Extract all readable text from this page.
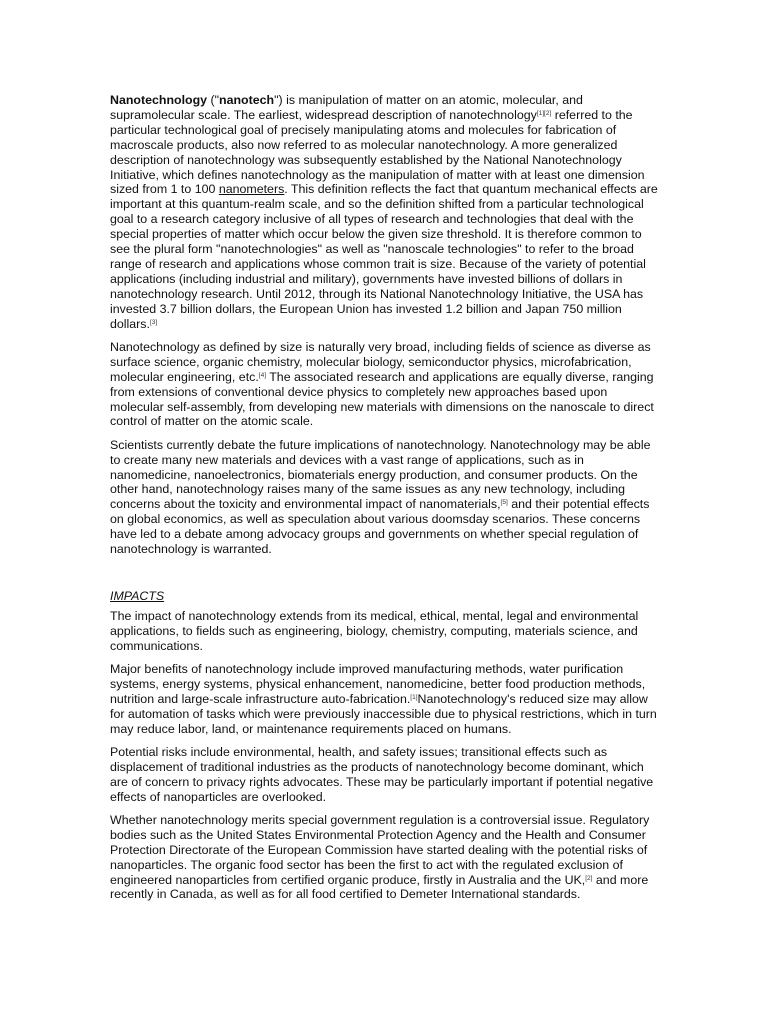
Nanotechnology ("nanotech") is manipulation of matter on an atomic, molecular, and supramolecular scale. The earliest, widespread description of nanotechnology[1][2] referred to the particular technological goal of precisely manipulating atoms and molecules for fabrication of macroscale products, also now referred to as molecular nanotechnology. A more generalized description of nanotechnology was subsequently established by the National Nanotechnology Initiative, which defines nanotechnology as the manipulation of matter with at least one dimension sized from 1 to 100 nanometers. This definition reflects the fact that quantum mechanical effects are important at this quantum-realm scale, and so the definition shifted from a particular technological goal to a research category inclusive of all types of research and technologies that deal with the special properties of matter which occur below the given size threshold. It is therefore common to see the plural form "nanotechnologies" as well as "nanoscale technologies" to refer to the broad range of research and applications whose common trait is size. Because of the variety of potential applications (including industrial and military), governments have invested billions of dollars in nanotechnology research. Until 2012, through its National Nanotechnology Initiative, the USA has invested 3.7 billion dollars, the European Union has invested 1.2 billion and Japan 750 million dollars.[3]

Nanotechnology as defined by size is naturally very broad, including fields of science as diverse as surface science, organic chemistry, molecular biology, semiconductor physics, microfabrication, molecular engineering, etc.[4] The associated research and applications are equally diverse, ranging from extensions of conventional device physics to completely new approaches based upon molecular self-assembly, from developing new materials with dimensions on the nanoscale to direct control of matter on the atomic scale.

Scientists currently debate the future implications of nanotechnology. Nanotechnology may be able to create many new materials and devices with a vast range of applications, such as in nanomedicine, nanoelectronics, biomaterials energy production, and consumer products. On the other hand, nanotechnology raises many of the same issues as any new technology, including concerns about the toxicity and environmental impact of nanomaterials,[5] and their potential effects on global economics, as well as speculation about various doomsday scenarios. These concerns have led to a debate among advocacy groups and governments on whether special regulation of nanotechnology is warranted.

IMPACTS

The impact of nanotechnology extends from its medical, ethical, mental, legal and environmental applications, to fields such as engineering, biology, chemistry, computing, materials science, and communications.

Major benefits of nanotechnology include improved manufacturing methods, water purification systems, energy systems, physical enhancement, nanomedicine, better food production methods, nutrition and large-scale infrastructure auto-fabrication.[1]Nanotechnology's reduced size may allow for automation of tasks which were previously inaccessible due to physical restrictions, which in turn may reduce labor, land, or maintenance requirements placed on humans.

Potential risks include environmental, health, and safety issues; transitional effects such as displacement of traditional industries as the products of nanotechnology become dominant, which are of concern to privacy rights advocates. These may be particularly important if potential negative effects of nanoparticles are overlooked.

Whether nanotechnology merits special government regulation is a controversial issue. Regulatory bodies such as the United States Environmental Protection Agency and the Health and Consumer Protection Directorate of the European Commission have started dealing with the potential risks of nanoparticles. The organic food sector has been the first to act with the regulated exclusion of engineered nanoparticles from certified organic produce, firstly in Australia and the UK,[2] and more recently in Canada, as well as for all food certified to Demeter International standards.
